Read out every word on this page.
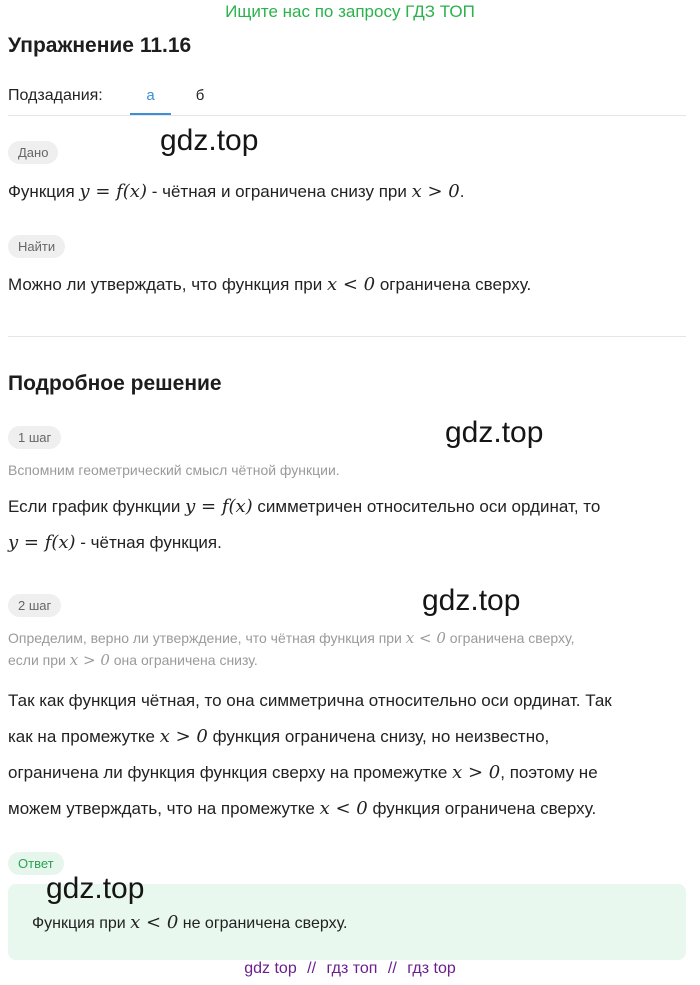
Ищите нас по запросу ГДЗ ТОП
Упражнение 11.16
Подзадания:	а	б
Дано	gdz.top
Функция y = f(x) - чётная и ограничена снизу при x > 0.
Найти
Можно ли утверждать, что функция при x < 0 ограничена сверху.
Подробное решение
1 шаг	gdz.top
Вспомним геометрический смысл чётной функции.
Если график функции y = f(x) симметричен относительно оси ординат, то
y = f(x) - чётная функция.
2 шаг	gdz.top
Определим, верно ли утверждение, что чётная функция при x < 0 ограничена сверху,
если при x > 0 она ограничена снизу.
Так как функция чётная, то она симметрична относительно оси ординат. Так
как на промежутке x > 0 функция ограничена снизу, но неизвестно,
ограничена ли функция функция сверху на промежутке x > 0, поэтому не
можем утверждать, что на промежутке x < 0 функция ограничена сверху.
Ответ
gdz.top
Функция при x < 0 не ограничена сверху.
gdz top // гдз топ // гдз top
